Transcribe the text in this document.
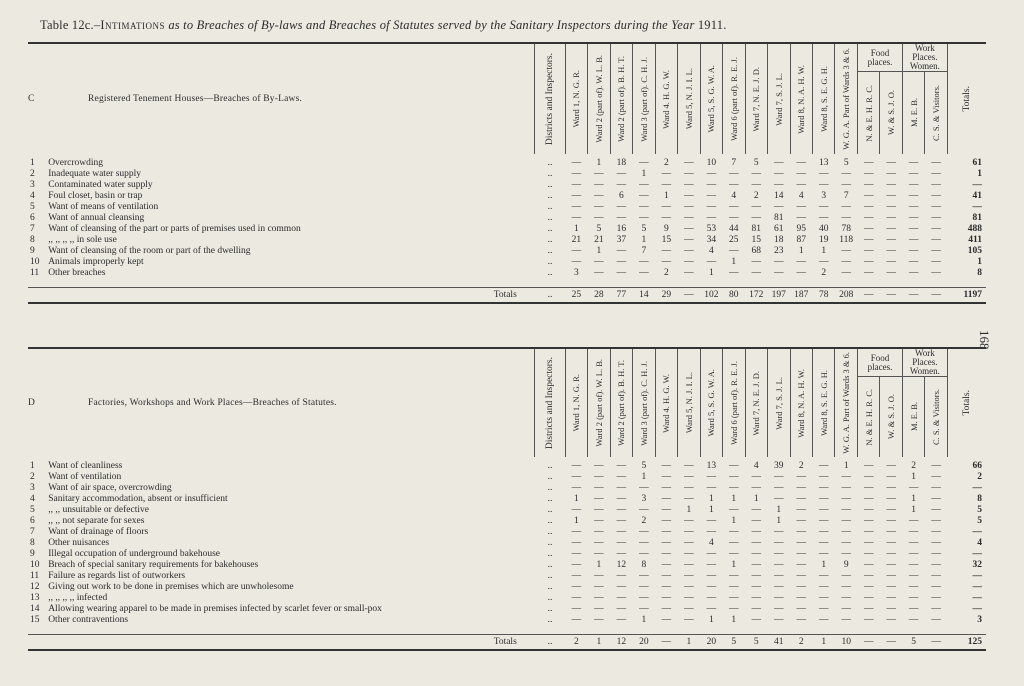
Table 12c.–Intimations as to Breaches of By-laws and Breaches of Statutes served by the Sanitary Inspectors during the Year 1911.
168
C Registered Tenement Houses—Breaches of By-Laws.		Districts and Inspectors.	Ward 1, N. G. R.	Ward 2 (part of). W. L. B.	Ward 2 (part of). B. H. T.	Ward 3 (part of). C. H. J.	Ward 4. H. G. W.	Ward 5, N. J. I. L.	Ward 5, S. G. W. A.	Ward 6 (part of). R. E. J.	Ward 7, N. E. J. D.	Ward 7, S. J. L.	Ward 8, N. A. H. W.	Ward 8, S. E. G. H.	W. G. A. Part of Wards 3 & 6.	Food places.		Work Places. Women.		Totals.

																N. & E. H. R. C.	W. & S. J. O.	M. E. B.	C. S. & Visitors.	

1	Overcrowding	..	—	1	18	—	2	—	10	7	5	—	—	13	5	—	—	—	—	61
2	Inadequate water supply	..	—	—	—	1	—	—	—	—	—	—	—	—	—	—	—	—	—	1
3	Contaminated water supply	..	—	—	—	—	—	—	—	—	—	—	—	—	—	—	—	—	—	—
4	Foul closet, basin or trap	..	—	—	6	—	1	—	—	4	2	14	4	3	7	—	—	—	—	41
5	Want of means of ventilation	..	—	—	—	—	—	—	—	—	—	—	—	—	—	—	—	—	—	—
6	Want of annual cleansing	..	—	—	—	—	—	—	—	—	—	81	—	—	—	—	—	—	—	81
7	Want of cleansing of the part or parts of premises used in common	..	1	5	16	5	9	—	53	44	81	61	95	40	78	—	—	—	—	488
8	,, ,, ,, ,, in sole use	..	21	21	37	1	15	—	34	25	15	18	87	19	118	—	—	—	—	411
9	Want of cleansing of the room or part of the dwelling	..	—	1	—	7	—	—	4	—	68	23	1	1	—	—	—	—	—	105
10	Animals improperly kept	..	—	—	—	—	—	—	—	1	—	—	—	—	—	—	—	—	—	1
11	Other breaches	..	3	—	—	—	2	—	1	—	—	—	—	2	—	—	—	—	—	8

	Totals	..	25	28	77	14	29	—	102	80	172	197	187	78	208	—	—	—	—	1197
D Factories, Workshops and Work Places—Breaches of Statutes.		Districts and Inspectors.	Ward 1, N. G. R.	Ward 2 (part of). W. L. B.	Ward 2 (part of). B. H. T.	Ward 3 (part of). C. H. J.	Ward 4. H. G. W.	Ward 5, N. J. I. L.	Ward 5, S. G. W. A.	Ward 6 (part of). R. E. J.	Ward 7, N. E. J. D.	Ward 7, S. J. L.	Ward 8, N. A. H. W.	Ward 8, S. E. G. H.	W. G. A. Part of Wards 3 & 6.	Food places.		Work Places. Women.		Totals.

																N. & E. H. R. C.	W. & S. J. O.	M. E. B.	C. S. & Visitors.	

1	Want of cleanliness	..	—	—	—	5	—	—	13	—	4	39	2	—	1	—	—	2	—	66
2	Want of ventilation	..	—	—	—	1	—	—	—	—	—	—	—	—	—	—	—	1	—	2
3	Want of air space, overcrowding	..	—	—	—	—	—	—	—	—	—	—	—	—	—	—	—	—	—	—
4	Sanitary accommodation, absent or insufficient	..	1	—	—	3	—	—	1	1	1	—	—	—	—	—	—	1	—	8
5	,, ,, unsuitable or defective	..	—	—	—	—	—	1	1	—	—	1	—	—	—	—	—	1	—	5
6	,, ,, not separate for sexes	..	1	—	—	2	—	—	—	1	—	1	—	—	—	—	—	—	—	5
7	Want of drainage of floors	..	—	—	—	—	—	—	—	—	—	—	—	—	—	—	—	—	—	—
8	Other nuisances	..	—	—	—	—	—	—	4	—	—	—	—	—	—	—	—	—	—	4
9	Illegal occupation of underground bakehouse	..	—	—	—	—	—	—	—	—	—	—	—	—	—	—	—	—	—	—
10	Breach of special sanitary requirements for bakehouses	..	—	1	12	8	—	—	—	1	—	—	—	1	9	—	—	—	—	32
11	Failure as regards list of outworkers	..	—	—	—	—	—	—	—	—	—	—	—	—	—	—	—	—	—	—
12	Giving out work to be done in premises which are unwholesome	..	—	—	—	—	—	—	—	—	—	—	—	—	—	—	—	—	—	—
13	,, ,, ,, ,, infected	..	—	—	—	—	—	—	—	—	—	—	—	—	—	—	—	—	—	—
14	Allowing wearing apparel to be made in premises infected by scarlet fever or small-pox	..	—	—	—	—	—	—	—	—	—	—	—	—	—	—	—	—	—	—
15	Other contraventions	..	—	—	—	1	—	—	1	1	—	—	—	—	—	—	—	—	—	3

	Totals	..	2	1	12	20	—	1	20	5	5	41	2	1	10	—	—	5	—	125
